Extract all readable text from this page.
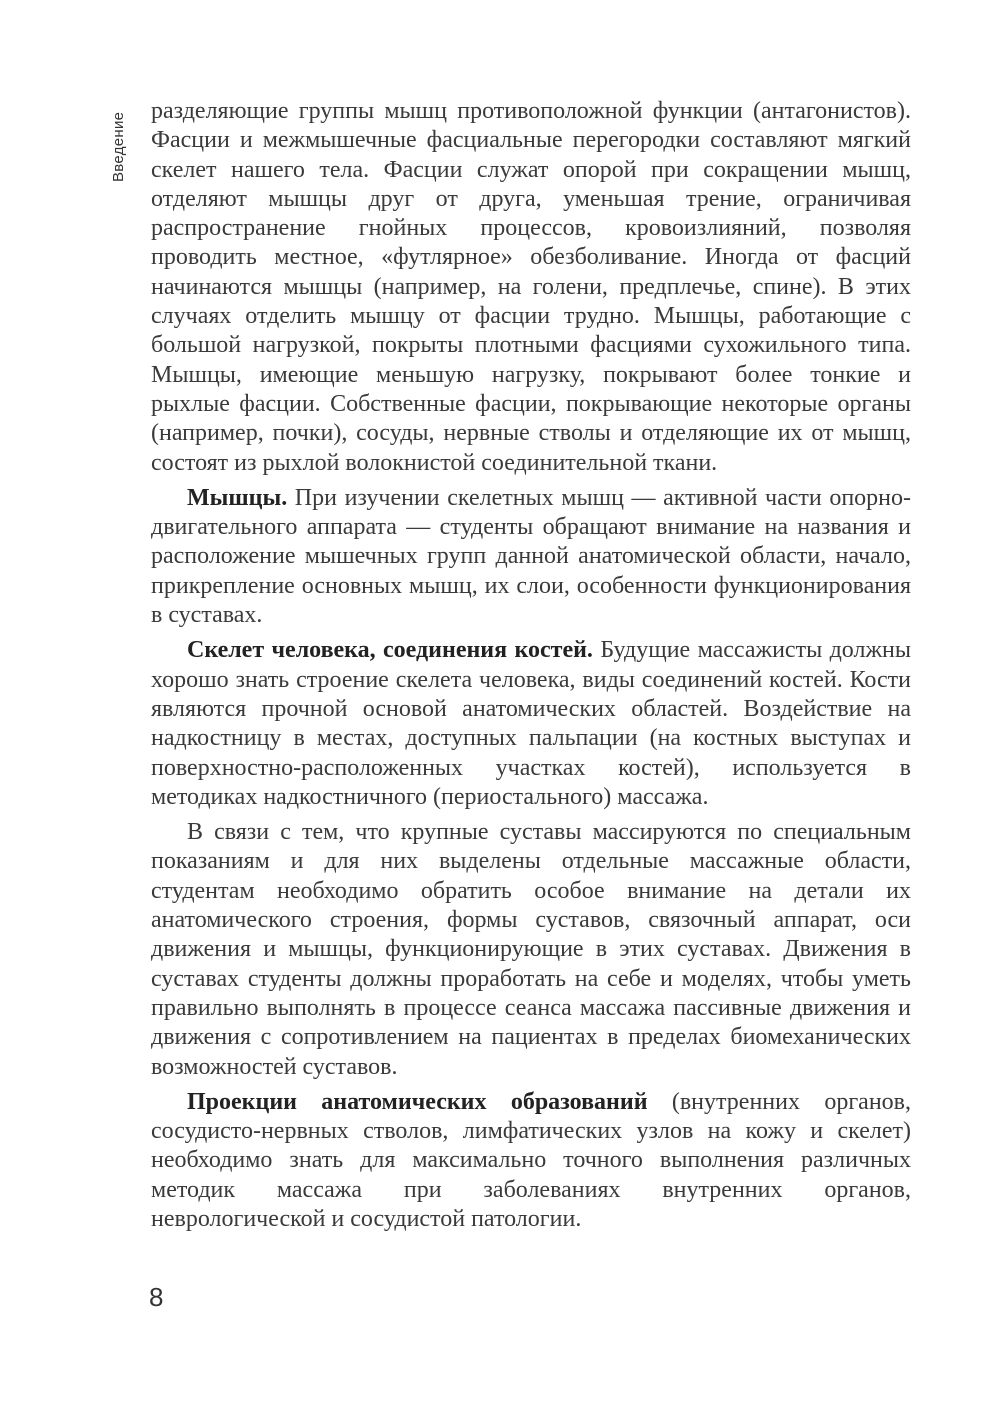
Введение

разделяющие группы мышц противоположной функции (антагонистов). Фасции и межмышечные фасциальные перегородки составляют мягкий скелет нашего тела. Фасции служат опорой при сокращении мышц, отделяют мышцы друг от друга, уменьшая трение, ограничивая распространение гнойных процессов, кровоизлияний, позволяя проводить местное, «футлярное» обезболивание. Иногда от фасций начинаются мышцы (например, на голени, предплечье, спине). В этих случаях отделить мышцу от фасции трудно. Мышцы, работающие с большой нагрузкой, покрыты плотными фасциями сухожильного типа. Мышцы, имеющие меньшую нагрузку, покрывают более тонкие и рыхлые фасции. Собственные фасции, покрывающие некоторые органы (например, почки), сосуды, нервные стволы и отделяющие их от мышц, состоят из рыхлой волокнистой соединительной ткани.

Мышцы. При изучении скелетных мышц — активной части опорно-двигательного аппарата — студенты обращают внимание на названия и расположение мышечных групп данной анатомической области, начало, прикрепление основных мышц, их слои, особенности функционирования в суставах.

Скелет человека, соединения костей. Будущие массажисты должны хорошо знать строение скелета человека, виды соединений костей. Кости являются прочной основой анатомических областей. Воздействие на надкостницу в местах, доступных пальпации (на костных выступах и поверхностно-расположенных участках костей), используется в методиках надкостничного (периостального) массажа.

В связи с тем, что крупные суставы массируются по специальным показаниям и для них выделены отдельные массажные области, студентам необходимо обратить особое внимание на детали их анатомического строения, формы суставов, связочный аппарат, оси движения и мышцы, функционирующие в этих суставах. Движения в суставах студенты должны проработать на себе и моделях, чтобы уметь правильно выполнять в процессе сеанса массажа пассивные движения и движения с сопротивлением на пациентах в пределах биомеханических возможностей суставов.

Проекции анатомических образований (внутренних органов, сосудисто-нервных стволов, лимфатических узлов на кожу и скелет) необходимо знать для максимально точного выполнения различных методик массажа при заболеваниях внутренних органов, неврологической и сосудистой патологии.

8
